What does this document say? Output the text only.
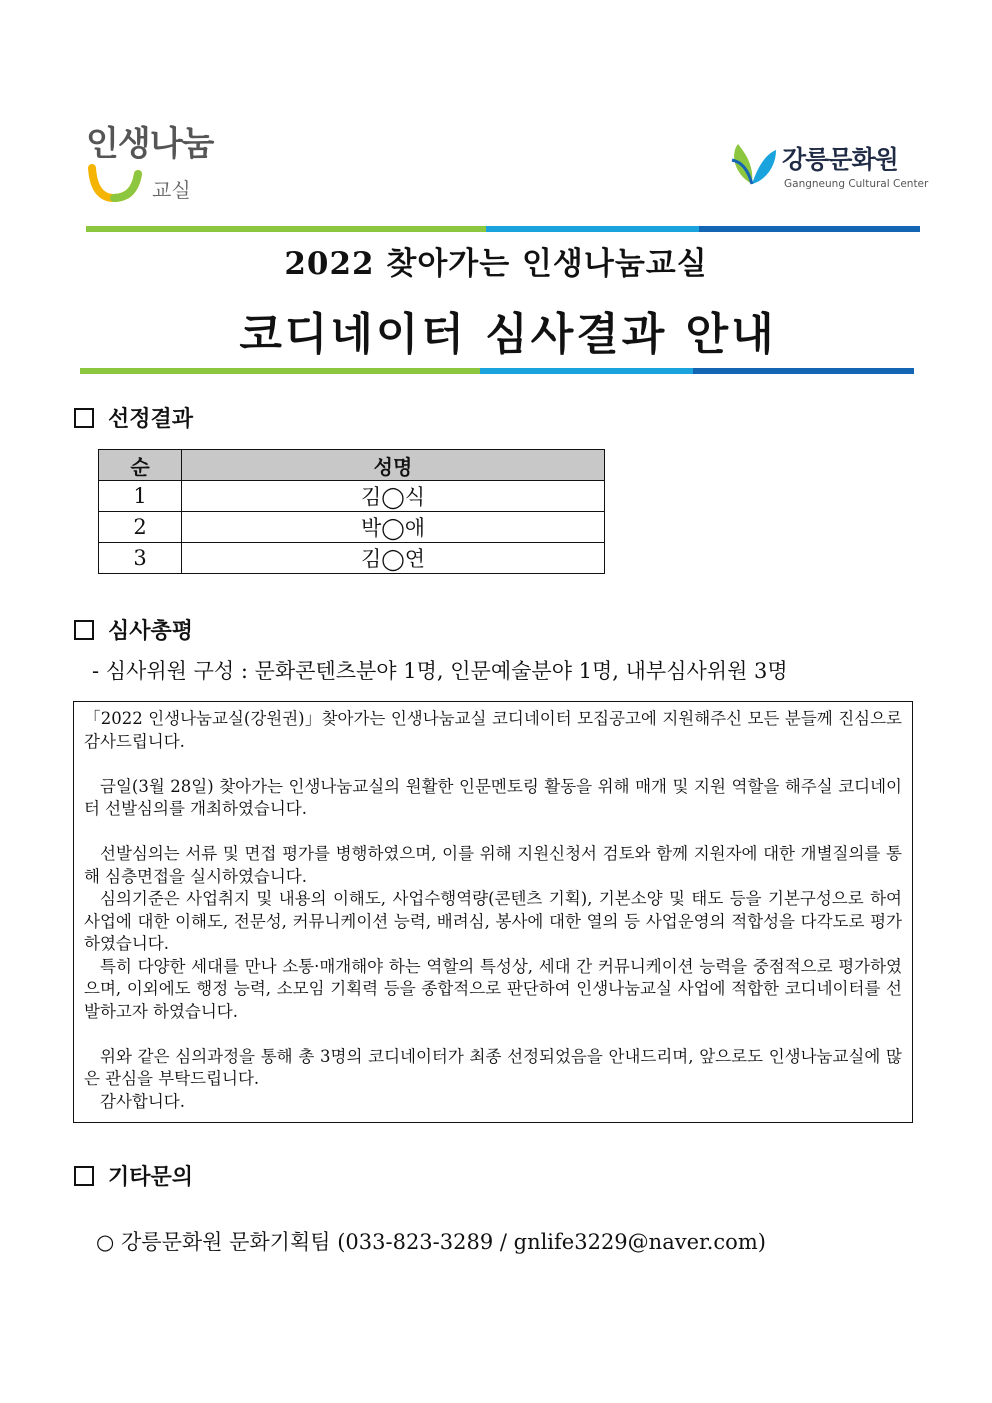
인생나눔
교실
강릉문화원
Gangneung Cultural Center
2022 찾아가는 인생나눔교실
코디네이터 심사결과 안내
선정결과
순	성명
1	김◯식
2	박◯애
3	김◯연
심사총평
- 심사위원 구성 : 문화콘텐츠분야 1명, 인문예술분야 1명, 내부심사위원 3명

「2022 인생나눔교실(강원권)」찾아가는 인생나눔교실 코디네이터 모집공고에 지원해주신 모든 분들께 진심으로 감사드립니다.

금일(3월 28일) 찾아가는 인생나눔교실의 원활한 인문멘토링 활동을 위해 매개 및 지원 역할을 해주실 코디네이터 선발심의를 개최하였습니다.

선발심의는 서류 및 면접 평가를 병행하였으며, 이를 위해 지원신청서 검토와 함께 지원자에 대한 개별질의를 통해 심층면접을 실시하였습니다.

심의기준은 사업취지 및 내용의 이해도, 사업수행역량(콘텐츠 기획), 기본소양 및 태도 등을 기본구성으로 하여 사업에 대한 이해도, 전문성, 커뮤니케이션 능력, 배려심, 봉사에 대한 열의 등 사업운영의 적합성을 다각도로 평가하였습니다.

특히 다양한 세대를 만나 소통·매개해야 하는 역할의 특성상, 세대 간 커뮤니케이션 능력을 중점적으로 평가하였으며, 이외에도 행정 능력, 소모임 기획력 등을 종합적으로 판단하여 인생나눔교실 사업에 적합한 코디네이터를 선발하고자 하였습니다.

위와 같은 심의과정을 통해 총 3명의 코디네이터가 최종 선정되었음을 안내드리며, 앞으로도 인생나눔교실에 많은 관심을 부탁드립니다.

감사합니다.

기타문의
○ 강릉문화원 문화기획팀 (033-823-3289 / gnlife3229@naver.com)
